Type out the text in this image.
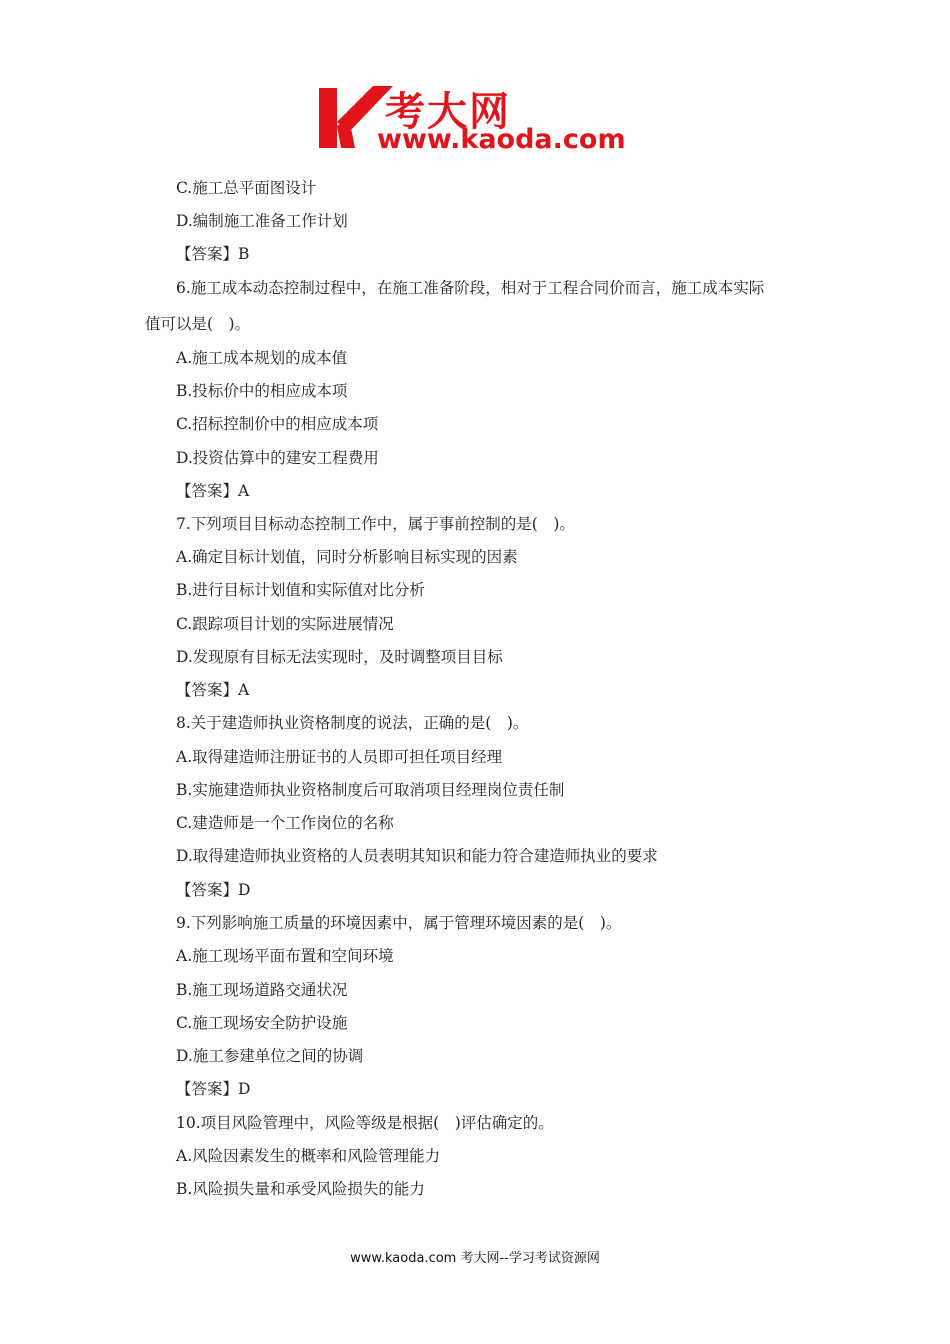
考大网
www.kaoda.com
C.施工总平面图设计
D.编制施工准备工作计划
【答案】B
6.施工成本动态控制过程中，在施工准备阶段，相对于工程合同价而言，施工成本实际
值可以是(　)。
A.施工成本规划的成本值
B.投标价中的相应成本项
C.招标控制价中的相应成本项
D.投资估算中的建安工程费用
【答案】A
7.下列项目目标动态控制工作中，属于事前控制的是(　)。
A.确定目标计划值，同时分析影响目标实现的因素
B.进行目标计划值和实际值对比分析
C.跟踪项目计划的实际进展情况
D.发现原有目标无法实现时，及时调整项目目标
【答案】A
8.关于建造师执业资格制度的说法，正确的是(　)。
A.取得建造师注册证书的人员即可担任项目经理
B.实施建造师执业资格制度后可取消项目经理岗位责任制
C.建造师是一个工作岗位的名称
D.取得建造师执业资格的人员表明其知识和能力符合建造师执业的要求
【答案】D
9.下列影响施工质量的环境因素中，属于管理环境因素的是(　)。
A.施工现场平面布置和空间环境
B.施工现场道路交通状况
C.施工现场安全防护设施
D.施工参建单位之间的协调
【答案】D
10.项目风险管理中，风险等级是根据(　)评估确定的。
A.风险因素发生的概率和风险管理能力
B.风险损失量和承受风险损失的能力
www.kaoda.com 考大网--学习考试资源网
